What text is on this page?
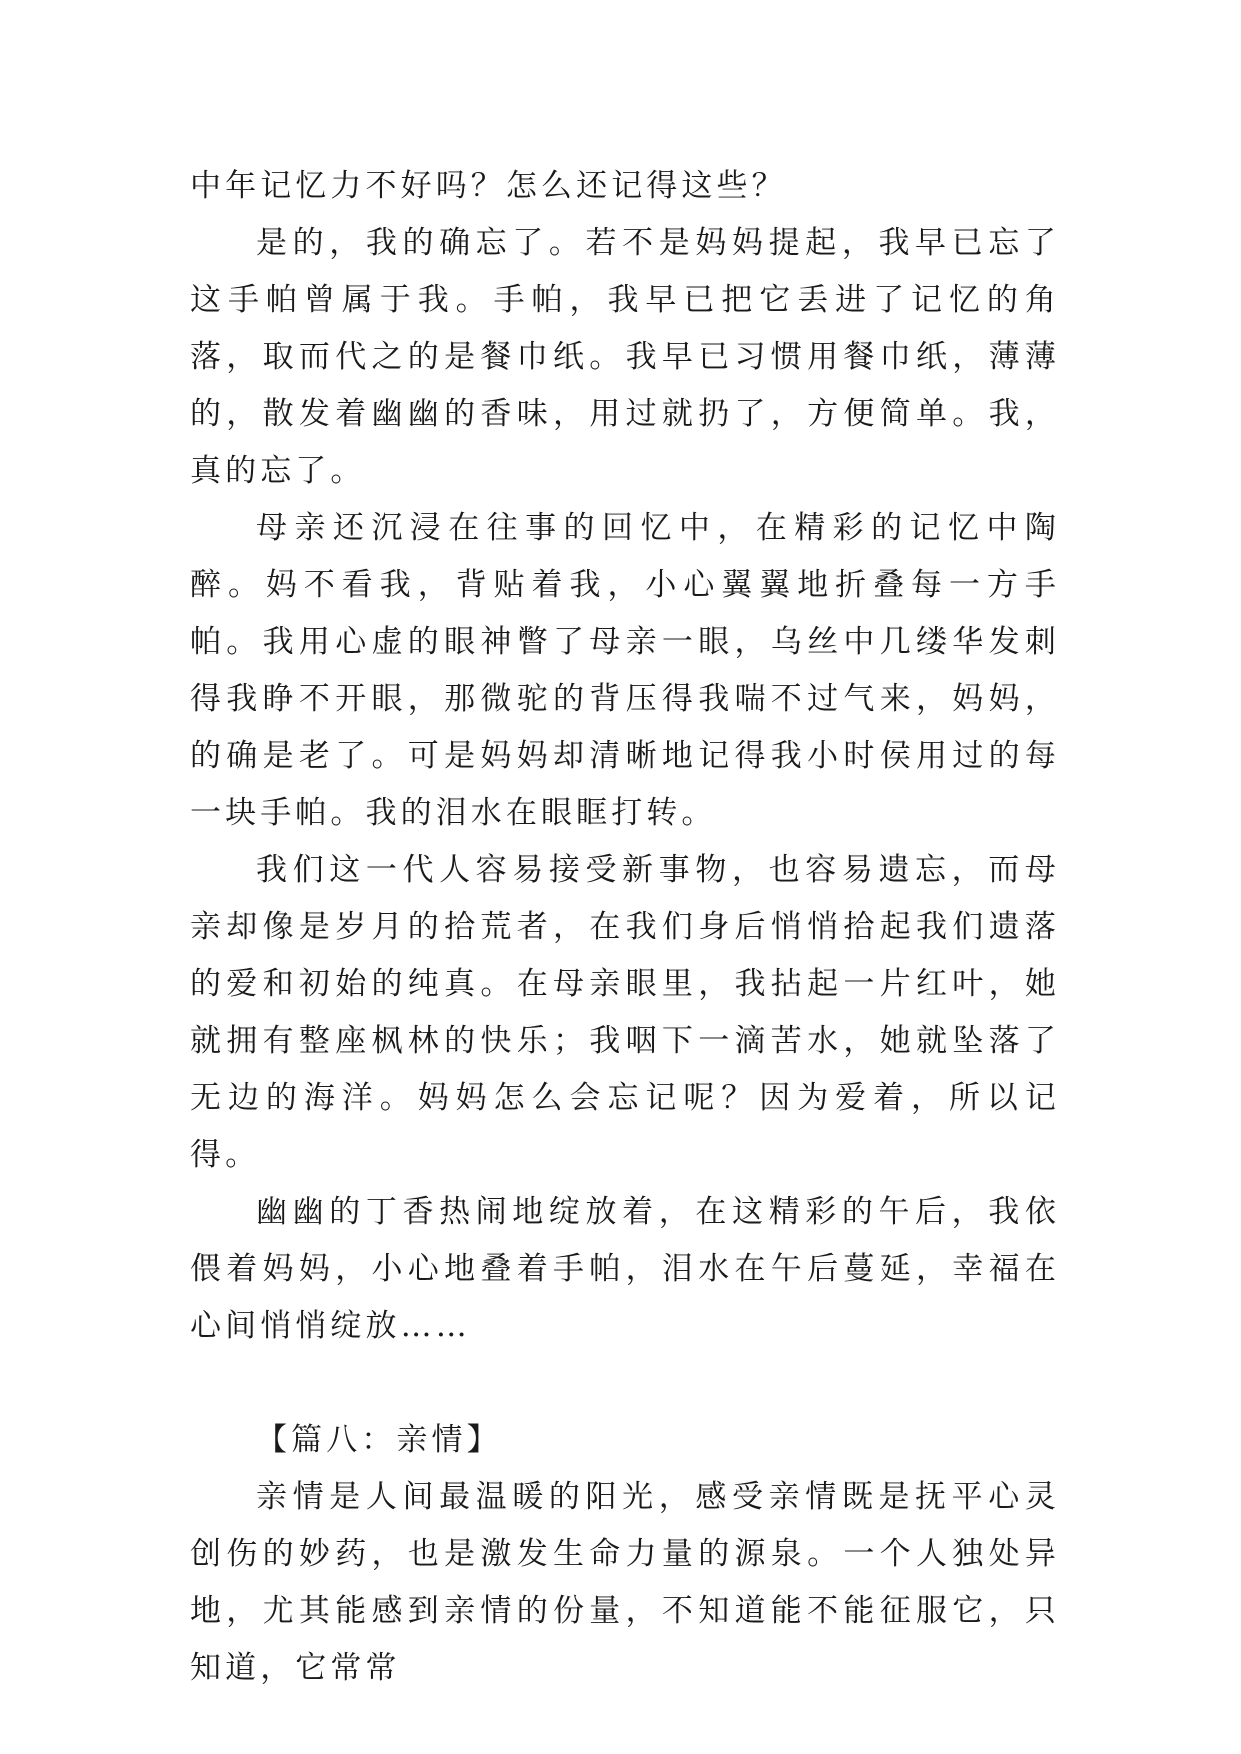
中年记忆力不好吗？怎么还记得这些？

是的，我的确忘了。若不是妈妈提起，我早已忘了这手帕曾属于我。手帕，我早已把它丢进了记忆的角落，取而代之的是餐巾纸。我早已习惯用餐巾纸，薄薄的，散发着幽幽的香味，用过就扔了，方便简单。我，真的忘了。

母亲还沉浸在往事的回忆中，在精彩的记忆中陶醉。妈不看我，背贴着我，小心翼翼地折叠每一方手帕。我用心虚的眼神瞥了母亲一眼，乌丝中几缕华发刺得我睁不开眼，那微驼的背压得我喘不过气来，妈妈，的确是老了。可是妈妈却清晰地记得我小时侯用过的每一块手帕。我的泪水在眼眶打转。

我们这一代人容易接受新事物，也容易遗忘，而母亲却像是岁月的拾荒者，在我们身后悄悄拾起我们遗落的爱和初始的纯真。在母亲眼里，我拈起一片红叶，她就拥有整座枫林的快乐；我咽下一滴苦水，她就坠落了无边的海洋。妈妈怎么会忘记呢？因为爱着，所以记得。

幽幽的丁香热闹地绽放着，在这精彩的午后，我依偎着妈妈，小心地叠着手帕，泪水在午后蔓延，幸福在心间悄悄绽放……

【篇八：亲情】

亲情是人间最温暖的阳光，感受亲情既是抚平心灵创伤的妙药，也是激发生命力量的源泉。一个人独处异地，尤其能感到亲情的份量，不知道能不能征服它，只知道，它常常
